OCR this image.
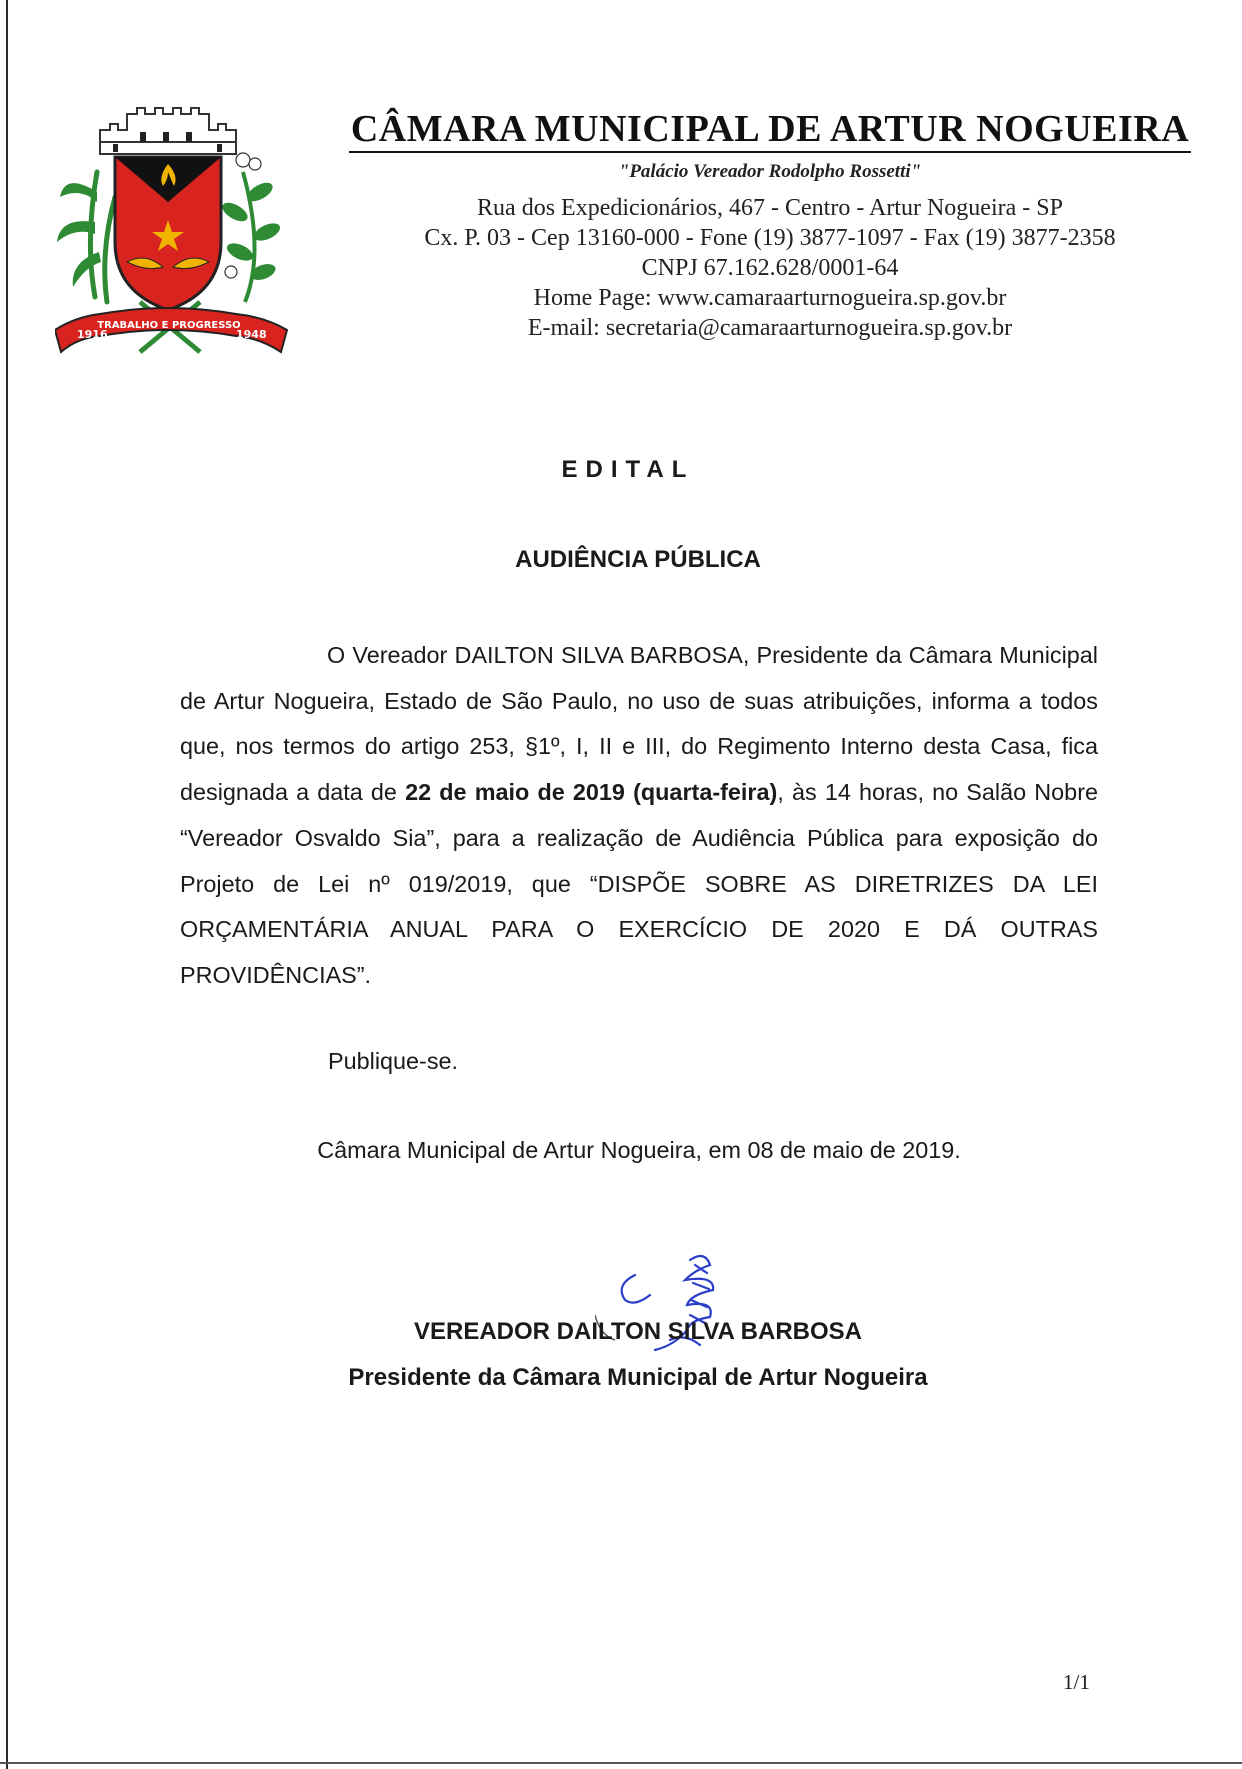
1916
TRABALHO E PROGRESSO
1948
CÂMARA MUNICIPAL DE ARTUR NOGUEIRA
"Palácio Vereador Rodolpho Rossetti"
Rua dos Expedicionários, 467 - Centro - Artur Nogueira - SP
Cx. P. 03 - Cep 13160-000 - Fone (19) 3877-1097 - Fax (19) 3877-2358
CNPJ 67.162.628/0001-64
Home Page: www.camaraarturnogueira.sp.gov.br
E-mail: secretaria@camaraarturnogueira.sp.gov.br
EDITAL
AUDIÊNCIA PÚBLICA

O Vereador DAILTON SILVA BARBOSA, Presidente da Câmara Municipal de Artur Nogueira, Estado de São Paulo, no uso de suas atribuições, informa a todos que, nos termos do artigo 253, §1º, I, II e III, do Regimento Interno desta Casa, fica designada a data de 22 de maio de 2019 (quarta-feira), às 14 horas, no Salão Nobre “Vereador Osvaldo Sia”, para a realização de Audiência Pública para exposição do Projeto de Lei nº 019/2019, que “DISPÕE SOBRE AS DIRETRIZES DA LEI ORÇAMENTÁRIA ANUAL PARA O EXERCÍCIO DE 2020 E DÁ OUTRAS PROVIDÊNCIAS”.

Publique-se.
Câmara Municipal de Artur Nogueira, em 08 de maio de 2019.
VEREADOR DAILTON SILVA BARBOSA
Presidente da Câmara Municipal de Artur Nogueira
1/1
